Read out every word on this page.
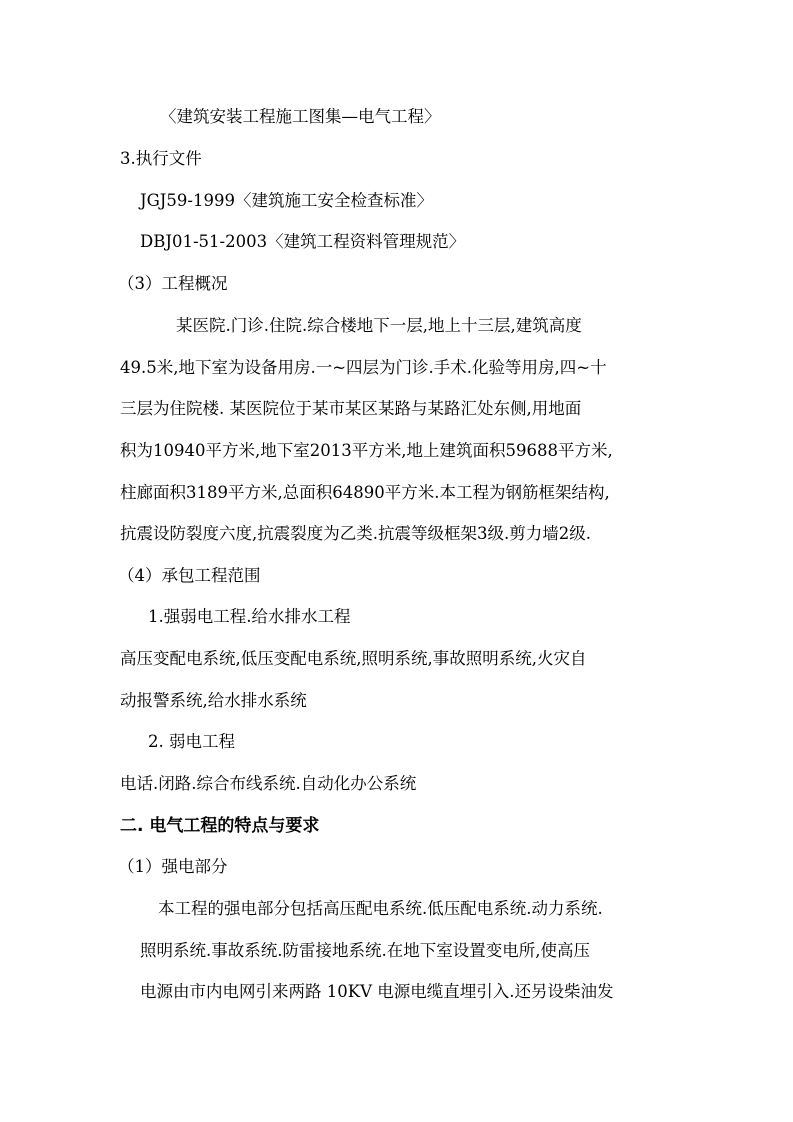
〈建筑安装工程施工图集—电气工程〉
3.执行文件
JGJ59-1999〈建筑施工安全检查标准〉
DBJ01-51-2003〈建筑工程资料管理规范〉
（3）工程概况
某医院.门诊.住院.综合楼地下一层,地上十三层,建筑高度
49.5米,地下室为设备用房.一~四层为门诊.手术.化验等用房,四~十
三层为住院楼. 某医院位于某市某区某路与某路汇处东侧,用地面
积为10940平方米,地下室2013平方米,地上建筑面积59688平方米,
柱廊面积3189平方米,总面积64890平方米.本工程为钢筋框架结构,
抗震设防裂度六度,抗震裂度为乙类.抗震等级框架3级.剪力墙2级.
（4）承包工程范围
1.强弱电工程.给水排水工程
高压变配电系统,低压变配电系统,照明系统,事故照明系统,火灾自
动报警系统,给水排水系统
2. 弱电工程
电话.闭路.综合布线系统.自动化办公系统
二. 电气工程的特点与要求
（1）强电部分
本工程的强电部分包括高压配电系统.低压配电系统.动力系统.
照明系统.事故系统.防雷接地系统.在地下室设置变电所,使高压
电源由市内电网引来两路 10KV 电源电缆直埋引入.还另设柴油发
